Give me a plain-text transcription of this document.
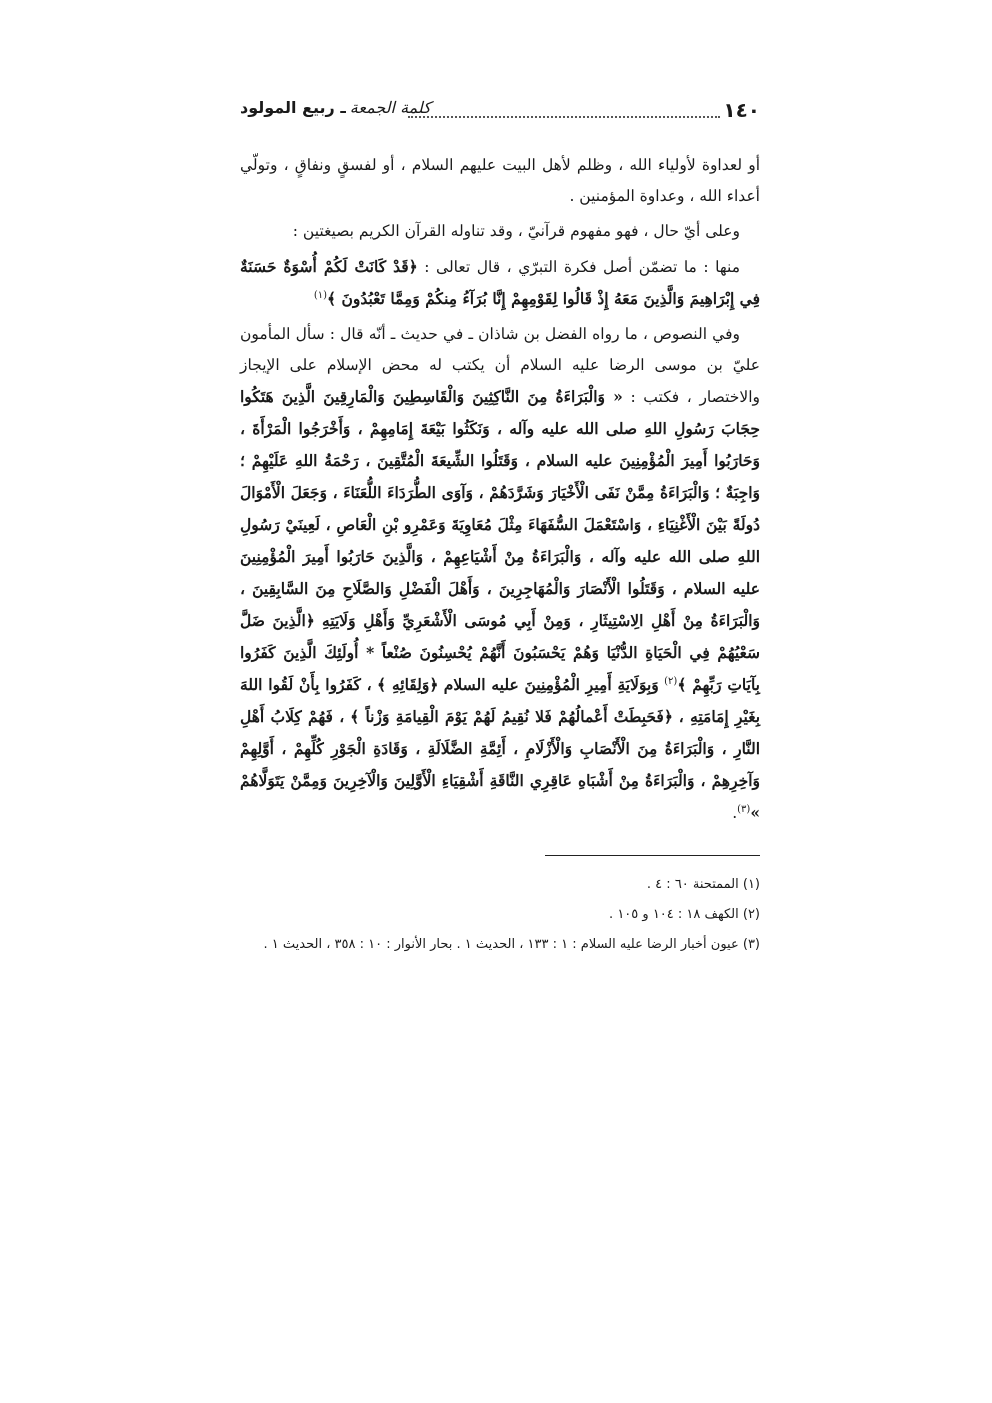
١٤٠
كلمة الجمعةـ ربيع المولود

أو لعداوة لأولياء الله ، وظلم لأهل البيت عليهم السلام ، أو لفسقٍ ونفاقٍ ، وتولّي أعداء الله ، وعداوة المؤمنين .

وعلى أيّ حال ، فهو مفهوم قرآنيّ ، وقد تناوله القرآن الكريم بصيغتين :

منها : ما تضمّن أصل فكرة التبرّي ، قال تعالى : ﴿قَدْ كَانَتْ لَكُمْ أُسْوَةٌ حَسَنَةٌ فِي إِبْرَاهِيمَ وَالَّذِينَ مَعَهُ إِذْ قَالُوا لِقَوْمِهِمْ إِنَّا بُرَآءُ مِنكُمْ وَمِمَّا تَعْبُدُونَ ﴾$^{(١)}$

وفي النصوص ، ما رواه الفضل بن شاذان ـ في حديث ـ أنّه قال : سأل المأمون عليّ بن موسى الرضا عليه السلام أن يكتب له محض الإسلام على الإيجاز والاختصار ، فكتب : « وَالْبَرَاءَةُ مِنَ النَّاكِثِينَ وَالْقَاسِطِينَ وَالْمَارِقِينَ الَّذِينَ هَتَكُوا حِجَابَ رَسُولِ اللهِ صلى الله عليه وآله ، وَنَكَثُوا بَيْعَةَ إِمَامِهِمْ ، وَأَخْرَجُوا الْمَرْأَةَ ، وَحَارَبُوا أَمِيرَ الْمُؤْمِنِينَ عليه السلام ، وَقَتَلُوا الشِّيعَةَ الْمُتَّقِينَ ، رَحْمَةُ اللهِ عَلَيْهِمْ ؛ وَاجِبَةٌ ؛ وَالْبَرَاءَةُ مِمَّنْ نَفَى الْأَخْيَارَ وَشَرَّدَهُمْ ، وَآوَى الطُّرَدَاءَ اللُّعَنَاءَ ، وَجَعَلَ الْأَمْوَالَ دُولَةً بَيْنَ الْأَغْنِيَاءِ ، وَاسْتَعْمَلَ السُّفَهَاءَ مِثْلَ مُعَاوِيَةَ وَعَمْرِو بْنِ الْعَاصِ ، لَعِينَيْ رَسُولِ اللهِ صلى الله عليه وآله ، وَالْبَرَاءَةُ مِنْ أَشْيَاعِهِمْ ، وَالَّذِينَ حَارَبُوا أَمِيرَ الْمُؤْمِنِينَ عليه السلام ، وَقَتَلُوا الْأَنْصَارَ وَالْمُهَاجِرِينَ ، وَأَهْلَ الْفَضْلِ وَالصَّلَاحِ مِنَ السَّابِقِينَ ، وَالْبَرَاءَةُ مِنْ أَهْلِ الِاسْتِيثَارِ ، وَمِنْ أَبِي مُوسَى الْأَشْعَرِيِّ وَأَهْلِ وَلَايَتِهِ ﴿الَّذِينَ ضَلَّ سَعْيُهُمْ فِي الْحَيَاةِ الدُّنْيَا وَهُمْ يَحْسَبُونَ أَنَّهُمْ يُحْسِنُونَ صُنْعاً * أُولَئِكَ الَّذِينَ كَفَرُوا بِآيَاتِ رَبِّهِمْ ﴾$^{(٢)}$ وَبِوَلَايَةِ أَمِيرِ الْمُؤْمِنِينَ عليه السلام ﴿وَلِقَائِهِ ﴾ ، كَفَرُوا بِأَنْ لَقُوا اللهَ بِغَيْرِ إِمَامَتِهِ ، ﴿فَحَبِطَتْ أَعْمالُهُمْ فَلا نُقِيمُ لَهُمْ يَوْمَ الْقِيامَةِ وَزْناً ﴾ ، فَهُمْ كِلَابُ أَهْلِ النَّارِ ، وَالْبَرَاءَةُ مِنَ الْأَنْصَابِ وَالْأَزْلَامِ ، أَئِمَّةِ الضَّلَالَةِ ، وَقَادَةِ الْجَوْرِ كُلِّهِمْ ، أَوَّلِهِمْ وَآخِرِهِمْ ، وَالْبَرَاءَةُ مِنْ أَشْبَاهِ عَاقِرِي النَّاقَةِ أَشْقِيَاءِ الْأَوَّلِينَ وَالْآخِرِينَ وَمِمَّنْ يَتَوَلَّاهُمْ »$^{(٣)}$.

(١) الممتحنة ٦٠ : ٤ .
(٢) الكهف ١٨ : ١٠٤ و ١٠٥ .
(٣) عيون أخبار الرضا عليه السلام : ١ : ١٣٣ ، الحديث ١ . بحار الأنوار : ١٠ : ٣٥٨ ، الحديث ١ .
